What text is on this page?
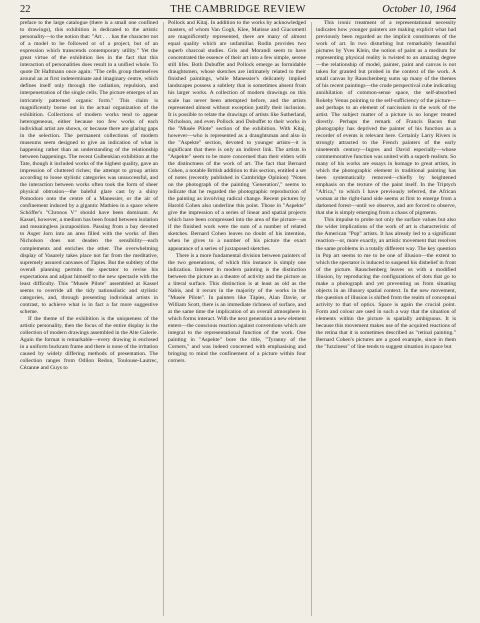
22	THE CAMBRIDGE REVIEW	October 10, 1964

preface to the large catalogue (there is a small one confined to drawings), this exhibition is dedicated to the artistic personality—to the notion that: "Art . . . has the character not of a model to be followed or of a project, but of an expression which transcends contemporary utility." Yet the great virtue of the exhibition lies in the fact that this interaction of personalities does result in a unified whole. To quote Dr Haftmann once again: "The cells group themselves around an at first indeterminate and imaginary centre, which defines itself only through the radiation, repulsion, and interpenetration of the single cells. The picture emerges of an intricately patterned organic form." This claim is magnificently borne out in the actual organization of the exhibition. Collections of modern works tend to appear heterogeneous, either because too few works of each individual artist are shown, or because there are glaring gaps in the selection. The permanent collections of modern museums seem designed to give an indication of what is happening rather than an understanding of the relationship between happenings. The recent Gulbenkian exhibition at the Tate, though it included works of the highest quality, gave an impression of cluttered riches; the attempt to group artists according to loose stylistic categories was unsuccessful, and the interaction between works often took the form of sheer physical obtrusion—the baleful glare cast by a shiny Pomodoro onto the centre of a Manessier, or the air of confinement induced by a gigantic Mathieu in a space where Schöffer's "Chronos V" should have been dominant. At Kassel, however, a medium has been found between isolation and meaningless juxtaposition. Passing from a bay devoted to Asger Jorn into an area filled with the works of Ben Nicholson does not deaden the sensibility—each complements and enriches the other. The overwhelming display of Vasarely takes place not far from the meditative, supremely assured canvases of Tàpies. But the subtlety of the overall planning permits the spectator to revise his expectations and adjust himself to the new spectacle with the least difficulty. This "Musée Pilote" assembled at Kassel seems to override all the tidy nationalistic and stylistic categories, and, through presenting individual artists in contrast, to achieve what is in fact a far more suggestive scheme.

If the theme of the exhibition is the uniqueness of the artistic personality, then the focus of the entire display is the collection of modern drawings assembled in the Alte Galerie. Again the format is remarkable—every drawing is enclosed in a uniform buckram frame and there is none of the irritation caused by widely differing methods of presentation. The collection ranges from Odilon Redon, Toulouse-Lautrec, Cézanne and Guys to

Pollock and Kitaj. In addition to the works by acknowledged masters, of whom Van Gogh, Klee, Matisse and Giacometti are magnificently represented, there are many of almost equal quality which are unfamiliar. Rodin provides two superb charcoal studies. Gris and Morandi seem to have concentrated the essence of their art into a few simple, serene still lifes. Both Dubuffet and Pollock emerge as formidable draughtsmen, whose sketches are intimately related to their finished paintings, while Manessier's delicately implied landscapes possess a subtlety that is sometimes absent from his larger works. A collection of modern drawings on this scale has never been attempted before, and the artists represented almost without exception justify their inclusion. It is possible to relate the drawings of artists like Sutherland, Nicholson, and even Pollock and Dubuffet to their works in the "Musée Pilote" section of the exhibition. With Kitaj, however—who is represented as a draughtsman and also in the "Aspekte" section, devoted to younger artists—it is significant that there is only an indirect link. The artists in "Aspekte" seem to be more concerned than their elders with the distinctness of the work of art. The fact that Bernard Cohen, a notable British addition to this section, entitled a set of notes (recently published in Cambridge Opinion) "Notes on the photograph of the painting 'Generation'," seems to indicate that he regarded the photographic reproduction of the painting as involving radical change. Recent pictures by Harold Cohen also underline this point. Those in "Aspekte" give the impression of a series of linear and spatial projects which have been compressed into the area of the picture—as if the finished work were the sum of a number of related sketches. Bernard Cohen leaves no doubt of his intention, when he gives to a number of his picture the exact appearance of a series of juxtaposed sketches.

There is a more fundamental division between painters of the two generations, of which this instance is simply one indication. Inherent in modern painting is the distinction between the picture as a theatre of activity and the picture as a literal surface. This distinction is at least as old as the Nabis, and it recurs in the majority of the works in the "Musée Pilote". In painters like Tàpies, Alan Davie, or William Scott, there is an immediate richness of surface, and at the same time the implication of an overall atmosphere in which forms interact. With the next generation a new element enters—the conscious reaction against conventions which are integral to the representational function of the work. One painting in "Aspekte" bore the title, "Tyranny of the Corners," and was indeed concerned with emphasising and bringing to mind the confinement of a picture within four corners.

This ironic treatment of a representational necessity indicates how younger painters are making explicit what had previously been regarded as the implicit constituents of the work of art. In two disturbing but remarkably beautiful pictures by Yves Klein, the notion of paint as a medium for representing physical reality is twisted to an amazing degree—the relationship of model, painter, paint and canvas is not taken for granted but probed in the context of the work. A small canvas by Rauschenberg sums up many of the themes of his recent paintings—the crude perspectival cube indicating annihilation of common-sense space, the self-absorbed Rokeby Venus pointing to the self-sufficiency of the picture—and perhaps to an element of narcissism in the work of the artist. The subject matter of a picture is no longer treated directly. Perhaps the remark of Francis Bacon that photography has deprived the painter of his function as a recorder of events is relevant here. Certainly Larry Rivers is strongly attracted to the French painters of the early nineteenth century—Ingres and David especially—whose commemorative function was united with a superb realism. So many of his works are essays in homage to great artists, in which the photographic element in traditional painting has been systematically removed—chiefly by heightened emphasis on the texture of the paint itself. In the Triptych "Africa," to which I have previously referred, the African woman at the right-hand side seems at first to emerge from a darkened forest—until we observe, and are forced to observe, that she is simply emerging from a chaos of pigments.

This impulse to probe not only the surface values but also the wider implications of the work of art is characteristic of the American "Pop" artists. It has already led to a significant reaction—or, more exactly, an artistic movement that resolves the same problems in a totally different way. The key question in Pop art seems to me to be one of illusion—the extent to which the spectator is induced to suspend his disbelief in front of the picture. Rauschenberg leaves us with a modified illusion, by reproducing the configurations of dots that go to make a photograph and yet preventing us from situating objects in an illusory spatial context. In the new movement, the question of illusion is shifted from the realm of conceptual activity to that of optics. Space is again the crucial point. Form and colour are used in such a way that the situation of elements within the picture is spatially ambiguous. It is because this movement makes use of the acquired reactions of the retina that it is sometimes described as "retinal painting." Bernard Cohen's pictures are a good example, since in them the "fuzziness" of line tends to suggest situation in space but
